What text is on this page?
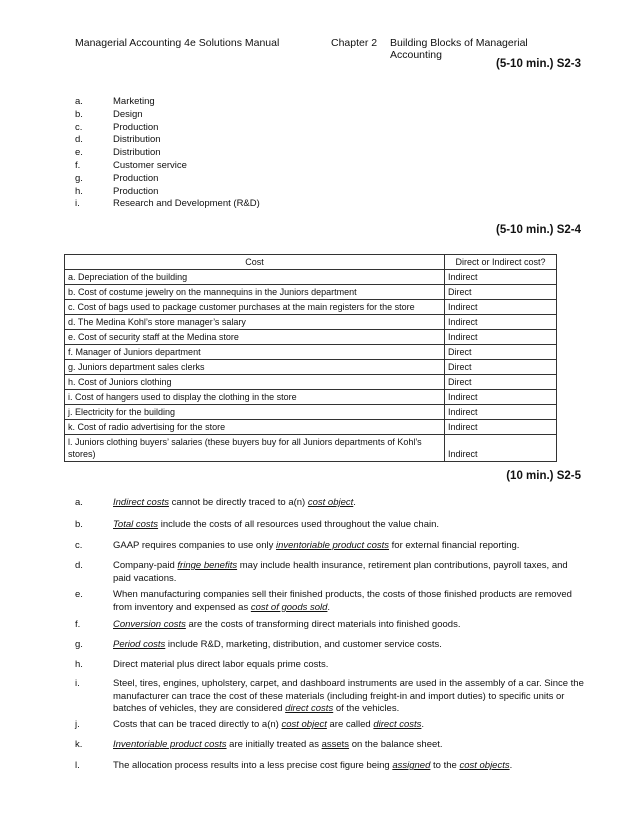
Managerial Accounting 4e Solutions Manual	Chapter 2 Building Blocks of Managerial Accounting
(5-10 min.) S2-3
a.	Marketing
b.	Design
c.	Production
d.	Distribution
e.	Distribution
f.	Customer service
g.	Production
h.	Production
i.	Research and Development (R&D)
(5-10 min.) S2-4
Cost	Direct or Indirect cost?
a. Depreciation of the building	Indirect
b. Cost of costume jewelry on the mannequins in the Juniors department	Direct
c. Cost of bags used to package customer purchases at the main registers for the store	Indirect
d. The Medina Kohl’s store manager’s salary	Indirect
e. Cost of security staff at the Medina store	Indirect
f. Manager of Juniors department	Direct
g. Juniors department sales clerks	Direct
h. Cost of Juniors clothing	Direct
i. Cost of hangers used to display the clothing in the store	Indirect
j. Electricity for the building	Indirect
k. Cost of radio advertising for the store	Indirect
l. Juniors clothing buyers’ salaries (these buyers buy for all Juniors departments of Kohl’s stores)	Indirect
(10 min.) S2-5
a.	Indirect costs cannot be directly traced to a(n) cost object.
b.	Total costs include the costs of all resources used throughout the value chain.
c.	GAAP requires companies to use only inventoriable product costs for external financial reporting.
d.	Company-paid fringe benefits may include health insurance, retirement plan contributions, payroll taxes, and paid vacations.
e.	When manufacturing companies sell their finished products, the costs of those finished products are removed from inventory and expensed as cost of goods sold.
f.	Conversion costs are the costs of transforming direct materials into finished goods.
g.	Period costs include R&D, marketing, distribution, and customer service costs.
h.	Direct material plus direct labor equals prime costs.
i.	Steel, tires, engines, upholstery, carpet, and dashboard instruments are used in the assembly of a car. Since the manufacturer can trace the cost of these materials (including freight-in and import duties) to specific units or batches of vehicles, they are considered direct costs of the vehicles.
j.	Costs that can be traced directly to a(n) cost object are called direct costs.
k.	Inventoriable product costs are initially treated as assets on the balance sheet.
l.	The allocation process results into a less precise cost figure being assigned to the cost objects.
